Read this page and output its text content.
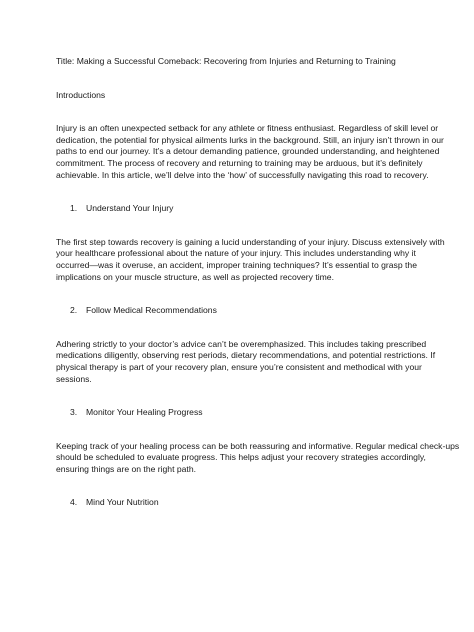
Title: Making a Successful Comeback: Recovering from Injuries and Returning to Training
Introductions

Injury is an often unexpected setback for any athlete or fitness enthusiast. Regardless of skill level or
dedication, the potential for physical ailments lurks in the background. Still, an injury isn’t thrown in our
paths to end our journey. It’s a detour demanding patience, grounded understanding, and heightened
commitment. The process of recovery and returning to training may be arduous, but it’s definitely
achievable. In this article, we’ll delve into the ‘how’ of successfully navigating this road to recovery.

1. Understand Your Injury

The first step towards recovery is gaining a lucid understanding of your injury. Discuss extensively with
your healthcare professional about the nature of your injury. This includes understanding why it
occurred—was it overuse, an accident, improper training techniques? It’s essential to grasp the
implications on your muscle structure, as well as projected recovery time.

2. Follow Medical Recommendations

Adhering strictly to your doctor’s advice can’t be overemphasized. This includes taking prescribed
medications diligently, observing rest periods, dietary recommendations, and potential restrictions. If
physical therapy is part of your recovery plan, ensure you’re consistent and methodical with your
sessions.

3. Monitor Your Healing Progress

Keeping track of your healing process can be both reassuring and informative. Regular medical check-ups
should be scheduled to evaluate progress. This helps adjust your recovery strategies accordingly,
ensuring things are on the right path.

4. Mind Your Nutrition
